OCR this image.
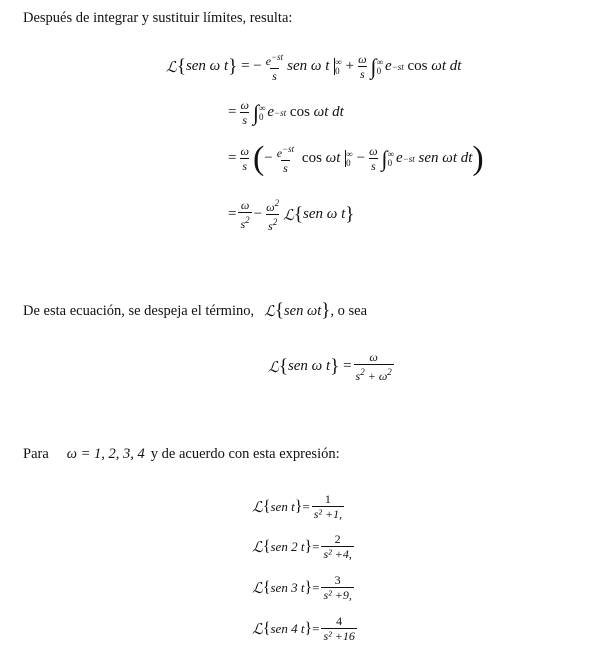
Después de integrar y sustituir límites, resulta:
ℒ { sen ω t } = − $\frac{e^{-st}}{s}$ sen ω t
∞
$0 + \frac{\omega}{s}$ ∫ ∞
0 e −st cos ωt dt
= $\frac{\omega}{s}$ ∫ ∞
0 e −st cos ωt dt
= $\frac{\omega}{s}$ ( − $\frac{e^{-st}}{s}$ cos ωt
∞
$0 - \frac{\omega}{s}$ ∫ ∞
0 e −st sen ωt dt )
= $\frac{\omega}{s^2} - \frac{\omega^2}{s^2}$ ℒ { sen ω t }
De esta ecuación, se despeja el término, ℒ { sen ωt } , o sea
ℒ { sen ω t } = $\frac{\omega}{s^2 + \omega^2}$
Para ω = 1, 2, 3, 4 y de acuerdo con esta expresión:
ℒ { sen t } = $\frac{1}{\text{s² +1,}}$
ℒ { sen 2 t } = $\frac{2}{\text{s² +4,}}$
ℒ { sen 3 t } = $\frac{3}{\text{s² +9,}}$
ℒ { sen 4 t } = $\frac{4}{\text{s² +16}}$
